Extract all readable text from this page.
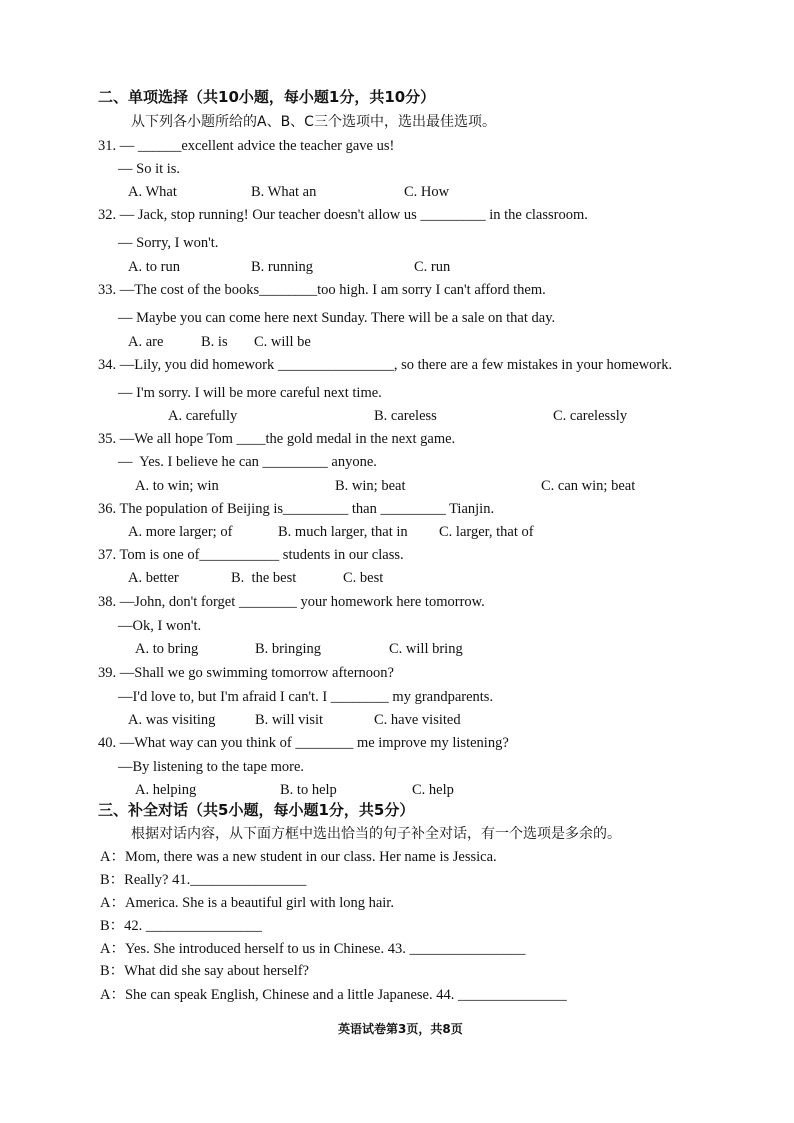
二、单项选择（共10小题，每小题1分，共10分）
从下列各小题所给的A、B、C三个选项中，选出最佳选项。
31. — ______excellent advice the teacher gave us!
— So it is.
A. What	B. What an	C. How
32. — Jack, stop running! Our teacher doesn't allow us _________ in the classroom.
— Sorry, I won't.
A. to run	B. running	C. run
33. —The cost of the books________too high. I am sorry I can't afford them.
— Maybe you can come here next Sunday. There will be a sale on that day.
A. are	B. is C. will be
34. —Lily, you did homework ________________, so there are a few mistakes in your homework.
— I'm sorry. I will be more careful next time.
A. carefully	B. careless	C. carelessly
35. —We all hope Tom ____the gold medal in the next game.
—  Yes. I believe he can _________ anyone.
A. to win; win	B. win; beat	C. can win; beat
36. The population of Beijing is_________ than _________ Tianjin.
A. more larger; of	B. much larger, that in C. larger, that of
37. Tom is one of___________ students in our class.
A. better	B.  the best	C. best
38. —John, don't forget ________ your homework here tomorrow.
—Ok, I won't.
A. to bring	B. bringing	C. will bring
39. —Shall we go swimming tomorrow afternoon?
—I'd love to, but I'm afraid I can't. I ________ my grandparents.
A. was visiting	B. will visit	C. have visited
40. —What way can you think of ________ me improve my listening?
—By listening to the tape more.
A. helping	B. to help	C. help
三、补全对话（共5小题，每小题1分，共5分）
根据对话内容，从下面方框中选出恰当的句子补全对话，有一个选项是多余的。
A：Mom, there was a new student in our class. Her name is Jessica.
B：Really? 41.________________
A：America. She is a beautiful girl with long hair.
B：42. ________________
A：Yes. She introduced herself to us in Chinese. 43. ________________
B：What did she say about herself?
A：She can speak English, Chinese and a little Japanese. 44. _______________
英语试卷第3页，共8页
